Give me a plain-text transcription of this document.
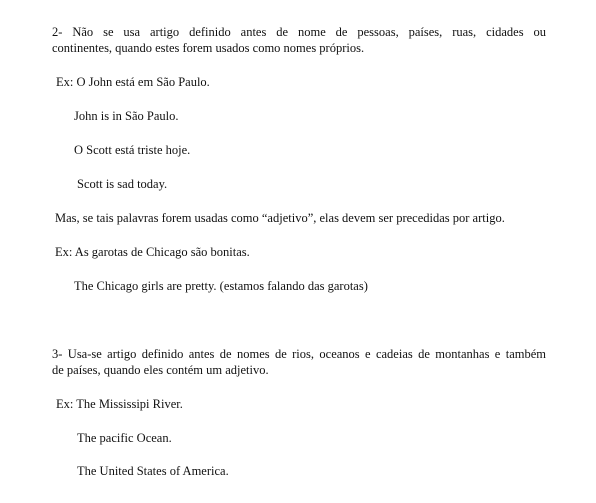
2- Não se usa artigo definido antes de nome de pessoas, países, ruas, cidades ou
continentes, quando estes forem usados como nomes próprios.
Ex: O John está em São Paulo.
John is in São Paulo.
O Scott está triste hoje.
Scott is sad today.
Mas, se tais palavras forem usadas como “adjetivo”, elas devem ser precedidas por artigo.
Ex: As garotas de Chicago são bonitas.
The Chicago girls are pretty. (estamos falando das garotas)
3- Usa-se artigo definido antes de nomes de rios, oceanos e cadeias de montanhas e também
de países, quando eles contém um adjetivo.
Ex: The Mississipi River.
The pacific Ocean.
The United States of America.
